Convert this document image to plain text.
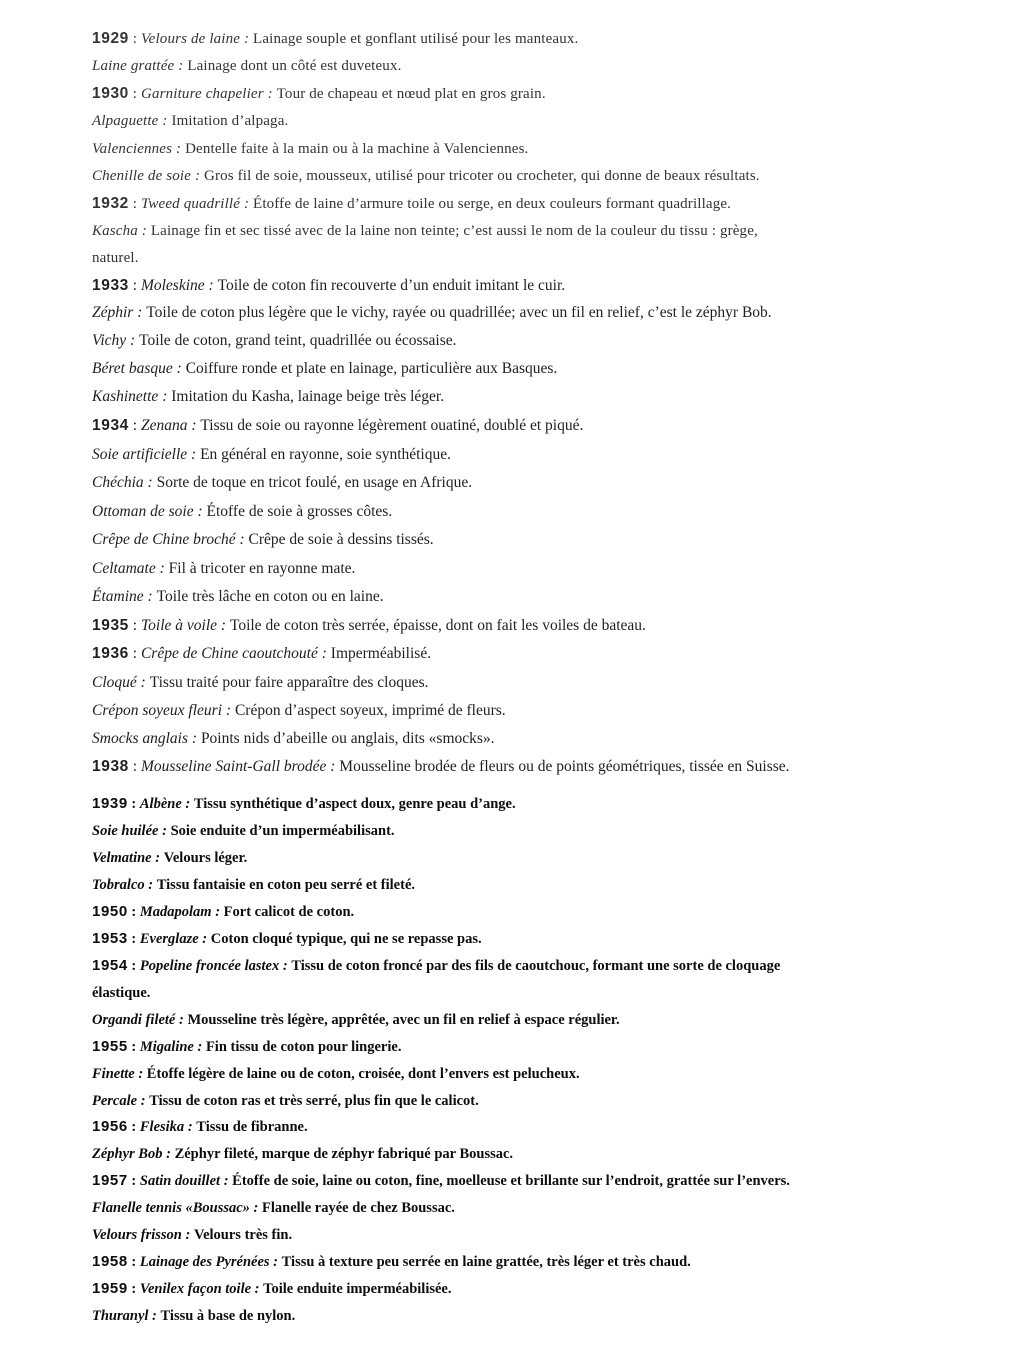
1929 : Velours de laine : Lainage souple et gonflant utilisé pour les manteaux.
Laine grattée : Lainage dont un côté est duveteux.
1930 : Garniture chapelier : Tour de chapeau et nœud plat en gros grain.
Alpaguette : Imitation d’alpaga.
Valenciennes : Dentelle faite à la main ou à la machine à Valenciennes.
Chenille de soie : Gros fil de soie, mousseux, utilisé pour tricoter ou crocheter, qui donne de beaux résultats.
1932 : Tweed quadrillé : Étoffe de laine d’armure toile ou serge, en deux couleurs formant quadrillage.
Kascha : Lainage fin et sec tissé avec de la laine non teinte; c’est aussi le nom de la couleur du tissu : grège,
naturel.
1933 : Moleskine : Toile de coton fin recouverte d’un enduit imitant le cuir.
Zéphir : Toile de coton plus légère que le vichy, rayée ou quadrillée; avec un fil en relief, c’est le zéphyr Bob.
Vichy : Toile de coton, grand teint, quadrillée ou écossaise.
Béret basque : Coiffure ronde et plate en lainage, particulière aux Basques.
Kashinette : Imitation du Kasha, lainage beige très léger.
1934 : Zenana : Tissu de soie ou rayonne légèrement ouatiné, doublé et piqué.
Soie artificielle : En général en rayonne, soie synthétique.
Chéchia : Sorte de toque en tricot foulé, en usage en Afrique.
Ottoman de soie : Étoffe de soie à grosses côtes.
Crêpe de Chine broché : Crêpe de soie à dessins tissés.
Celtamate : Fil à tricoter en rayonne mate.
Étamine : Toile très lâche en coton ou en laine.
1935 : Toile à voile : Toile de coton très serrée, épaisse, dont on fait les voiles de bateau.
1936 : Crêpe de Chine caoutchouté : Imperméabilisé.
Cloqué : Tissu traité pour faire apparaître des cloques.
Crépon soyeux fleuri : Crépon d’aspect soyeux, imprimé de fleurs.
Smocks anglais : Points nids d’abeille ou anglais, dits «smocks».
1938 : Mousseline Saint-Gall brodée : Mousseline brodée de fleurs ou de points géométriques, tissée en Suisse.
1939 : Albène : Tissu synthétique d’aspect doux, genre peau d’ange.
Soie huilée : Soie enduite d’un imperméabilisant.
Velmatine : Velours léger.
Tobralco : Tissu fantaisie en coton peu serré et fileté.
1950 : Madapolam : Fort calicot de coton.
1953 : Everglaze : Coton cloqué typique, qui ne se repasse pas.
1954 : Popeline froncée lastex : Tissu de coton froncé par des fils de caoutchouc, formant une sorte de cloquage
élastique.
Organdi fileté : Mousseline très légère, apprêtée, avec un fil en relief à espace régulier.
1955 : Migaline : Fin tissu de coton pour lingerie.
Finette : Étoffe légère de laine ou de coton, croisée, dont l’envers est pelucheux.
Percale : Tissu de coton ras et très serré, plus fin que le calicot.
1956 : Flesika : Tissu de fibranne.
Zéphyr Bob : Zéphyr fileté, marque de zéphyr fabriqué par Boussac.
1957 : Satin douillet : Étoffe de soie, laine ou coton, fine, moelleuse et brillante sur l’endroit, grattée sur l’envers.
Flanelle tennis «Boussac» : Flanelle rayée de chez Boussac.
Velours frisson : Velours très fin.
1958 : Lainage des Pyrénées : Tissu à texture peu serrée en laine grattée, très léger et très chaud.
1959 : Venilex façon toile : Toile enduite imperméabilisée.
Thuranyl : Tissu à base de nylon.
